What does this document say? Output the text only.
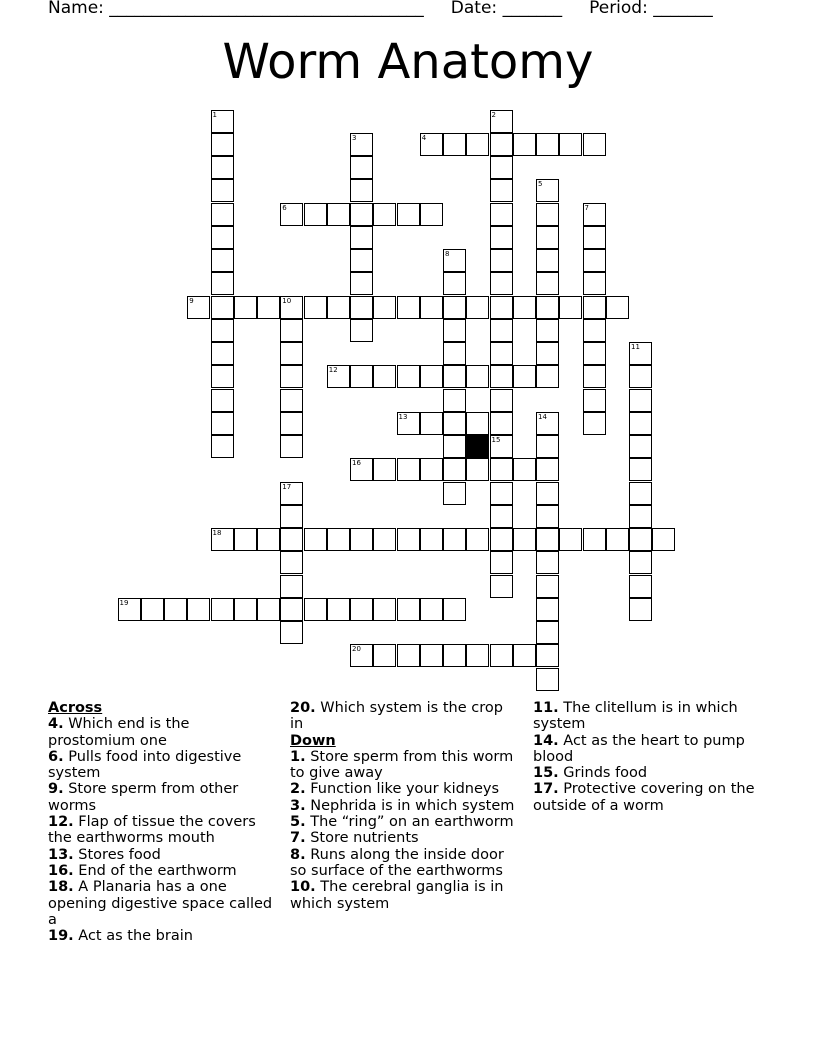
Name: _____________________________________     Date: _______     Period: _______
Worm Anatomy
1	2
15
3	4
5
6	7
8
9	10
11
12
13	14
16
17
18
19
20
Across
4. Which end is the prostomium one
6. Pulls food into digestive system
9. Store sperm from other worms
12. Flap of tissue the covers the earthworms mouth
13. Stores food
16. End of the earthworm
18. A Planaria has a one opening digestive space called a
19. Act as the brain
20. Which system is the crop in
Down
1. Store sperm from this worm to give away
2. Function like your kidneys
3. Nephrida is in which system
5. The “ring” on an earthworm
7. Store nutrients
8. Runs along the inside door so surface of the earthworms
10. The cerebral ganglia is in which system
11. The clitellum is in which system
14. Act as the heart to pump blood
15. Grinds food
17. Protective covering on the outside of a worm
